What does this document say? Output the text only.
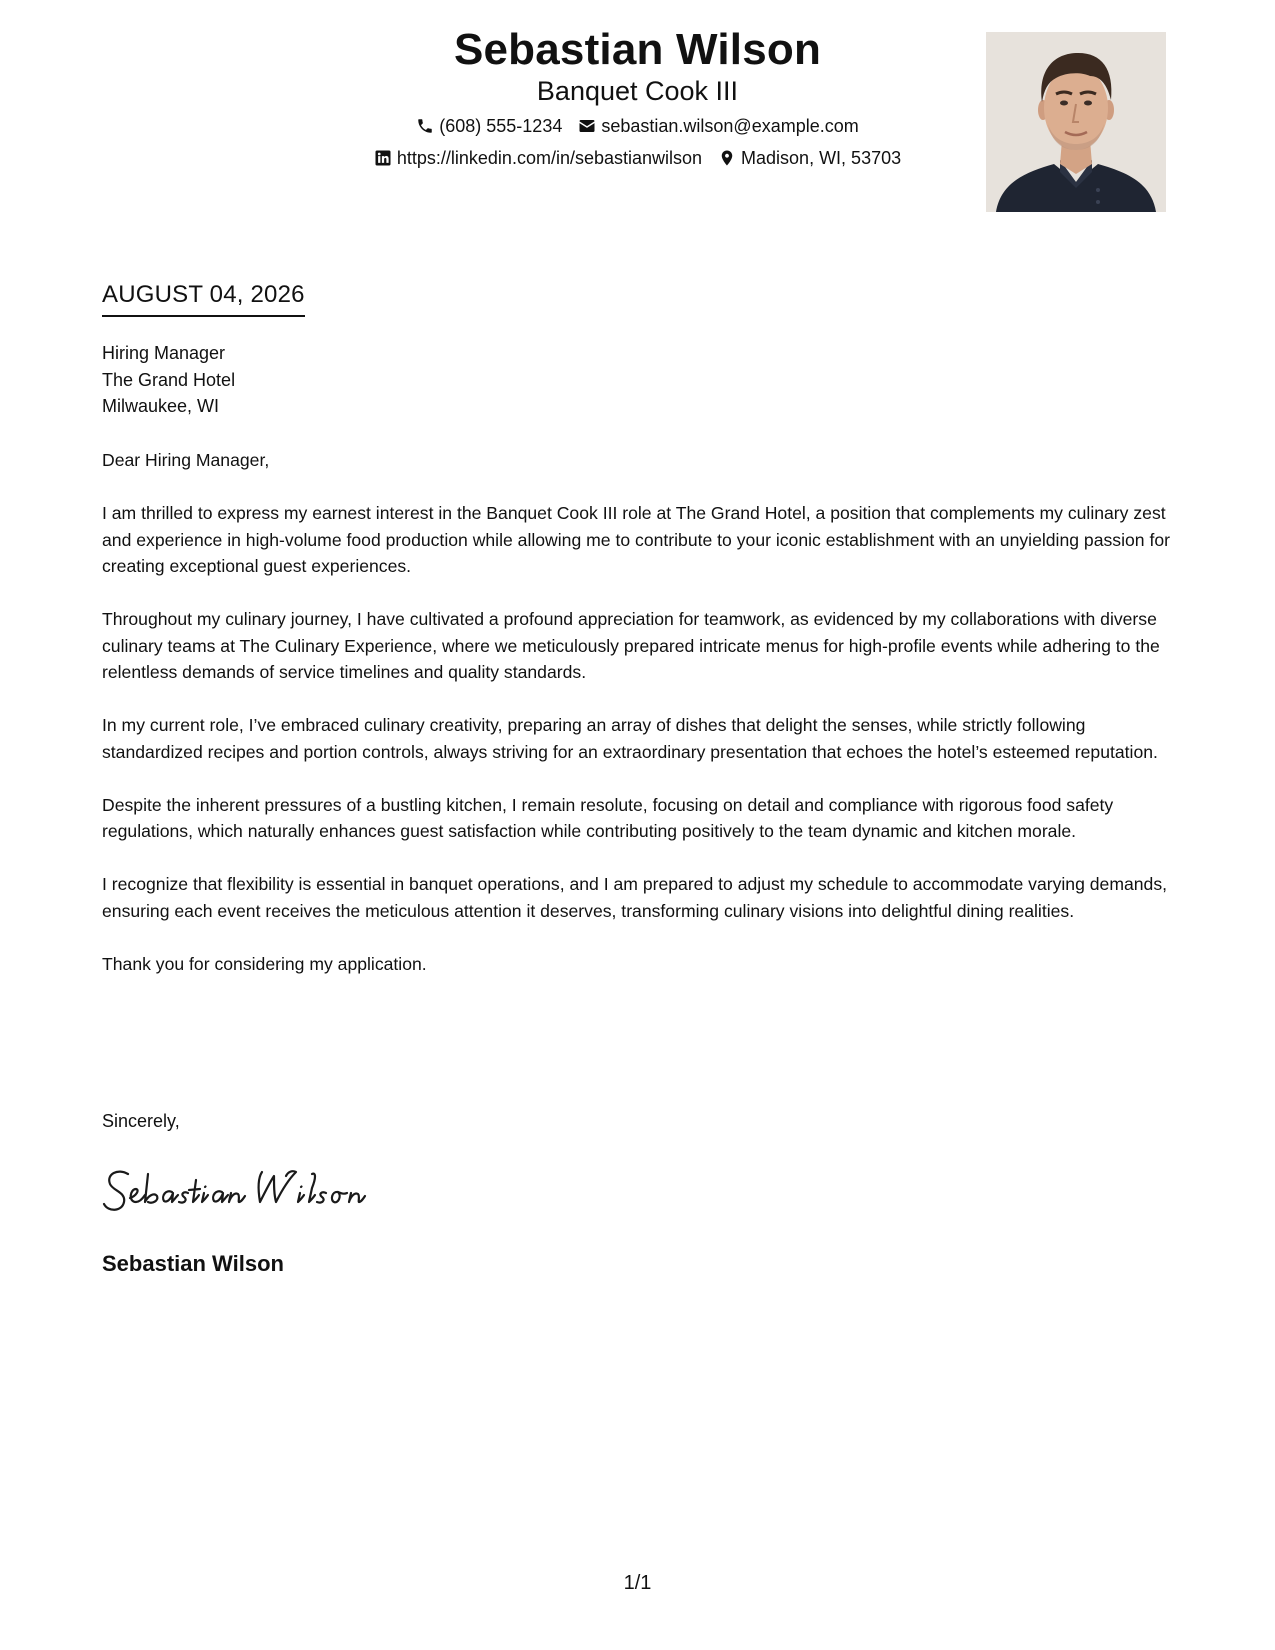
Sebastian Wilson
Banquet Cook III
(608) 555-1234 sebastian.wilson@example.com
https://linkedin.com/in/sebastianwilson Madison, WI, 53703
AUGUST 04, 2026
Hiring Manager
The Grand Hotel
Milwaukee, WI

Dear Hiring Manager,

I am thrilled to express my earnest interest in the Banquet Cook III role at The Grand Hotel, a position that complements my culinary zest and experience in high-volume food production while allowing me to contribute to your iconic establishment with an unyielding passion for creating exceptional guest experiences.

Throughout my culinary journey, I have cultivated a profound appreciation for teamwork, as evidenced by my collaborations with diverse culinary teams at The Culinary Experience, where we meticulously prepared intricate menus for high-profile events while adhering to the relentless demands of service timelines and quality standards.

In my current role, I’ve embraced culinary creativity, preparing an array of dishes that delight the senses, while strictly following standardized recipes and portion controls, always striving for an extraordinary presentation that echoes the hotel’s esteemed reputation.

Despite the inherent pressures of a bustling kitchen, I remain resolute, focusing on detail and compliance with rigorous food safety regulations, which naturally enhances guest satisfaction while contributing positively to the team dynamic and kitchen morale.

I recognize that flexibility is essential in banquet operations, and I am prepared to adjust my schedule to accommodate varying demands, ensuring each event receives the meticulous attention it deserves, transforming culinary visions into delightful dining realities.

Thank you for considering my application.

Sincerely,
Sebastian Wilson
1/1
